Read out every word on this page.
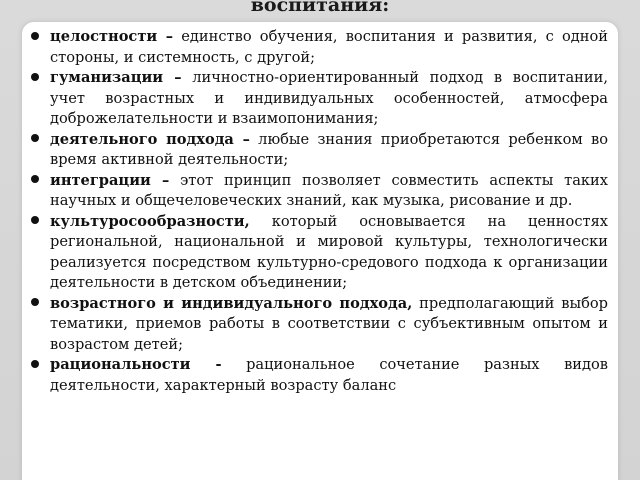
воспитания:
целостности – единство обучения, воспитания и развития, с одной стороны, и системность, с другой;
гуманизации – личностно-ориентированный подход в воспитании, учет возрастных и индивидуальных особенностей, атмосфера доброжелательности и взаимопонимания;
деятельного подхода – любые знания приобретаются ребенком во время активной деятельности;
интеграции – этот принцип позволяет совместить аспекты таких научных и общечеловеческих знаний, как музыка, рисование и др.
культуросообразности, который основывается на ценностях региональной, национальной и мировой культуры, технологически реализуется посредством культурно-средового подхода к организации деятельности в детском объединении;
возрастного и индивидуального подхода, предполагающий выбор тематики, приемов работы в соответствии с субъективным опытом и возрастом детей;
рациональности - рациональное сочетание разных видов деятельности, характерный возрасту баланс
